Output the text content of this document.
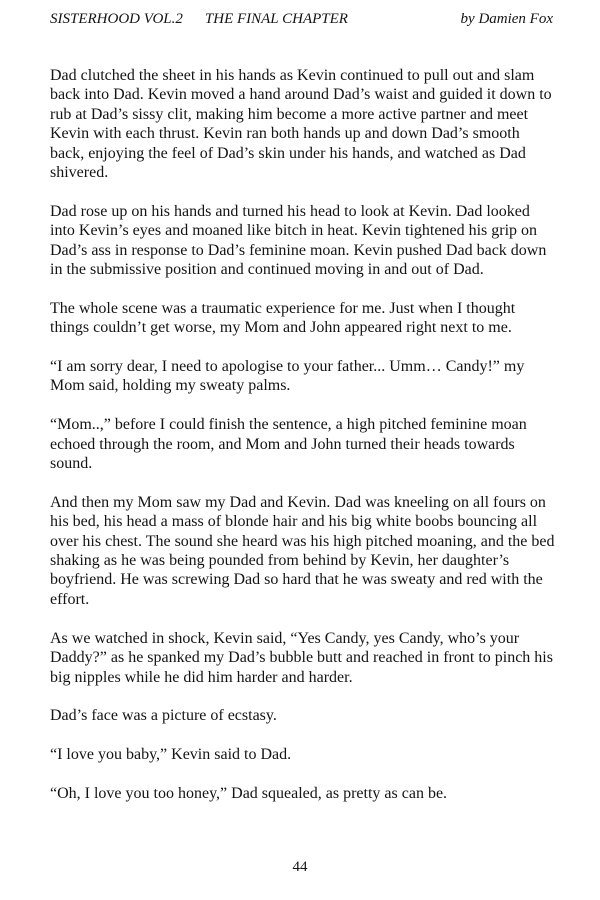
SISTERHOOD VOL.2 THE FINAL CHAPTER	by Damien Fox

Dad clutched the sheet in his hands as Kevin continued to pull out and slam back into Dad. Kevin moved a hand around Dad’s waist and guided it down to rub at Dad’s sissy clit, making him become a more active partner and meet Kevin with each thrust. Kevin ran both hands up and down Dad’s smooth back, enjoying the feel of Dad’s skin under his hands, and watched as Dad shivered.

Dad rose up on his hands and turned his head to look at Kevin. Dad looked into Kevin’s eyes and moaned like bitch in heat. Kevin tightened his grip on Dad’s ass in response to Dad’s feminine moan. Kevin pushed Dad back down in the submissive position and continued moving in and out of Dad.

The whole scene was a traumatic experience for me. Just when I thought things couldn’t get worse, my Mom and John appeared right next to me.

“I am sorry dear, I need to apologise to your father... Umm… Candy!” my Mom said, holding my sweaty palms.

“Mom..,” before I could finish the sentence, a high pitched feminine moan echoed through the room, and Mom and John turned their heads towards sound.

And then my Mom saw my Dad and Kevin. Dad was kneeling on all fours on his bed, his head a mass of blonde hair and his big white boobs bouncing all over his chest. The sound she heard was his high pitched moaning, and the bed shaking as he was being pounded from behind by Kevin, her daughter’s boyfriend. He was screwing Dad so hard that he was sweaty and red with the effort.

As we watched in shock, Kevin said, “Yes Candy, yes Candy, who’s your Daddy?” as he spanked my Dad’s bubble butt and reached in front to pinch his big nipples while he did him harder and harder.

Dad’s face was a picture of ecstasy.

“I love you baby,” Kevin said to Dad.

“Oh, I love you too honey,” Dad squealed, as pretty as can be.

44
